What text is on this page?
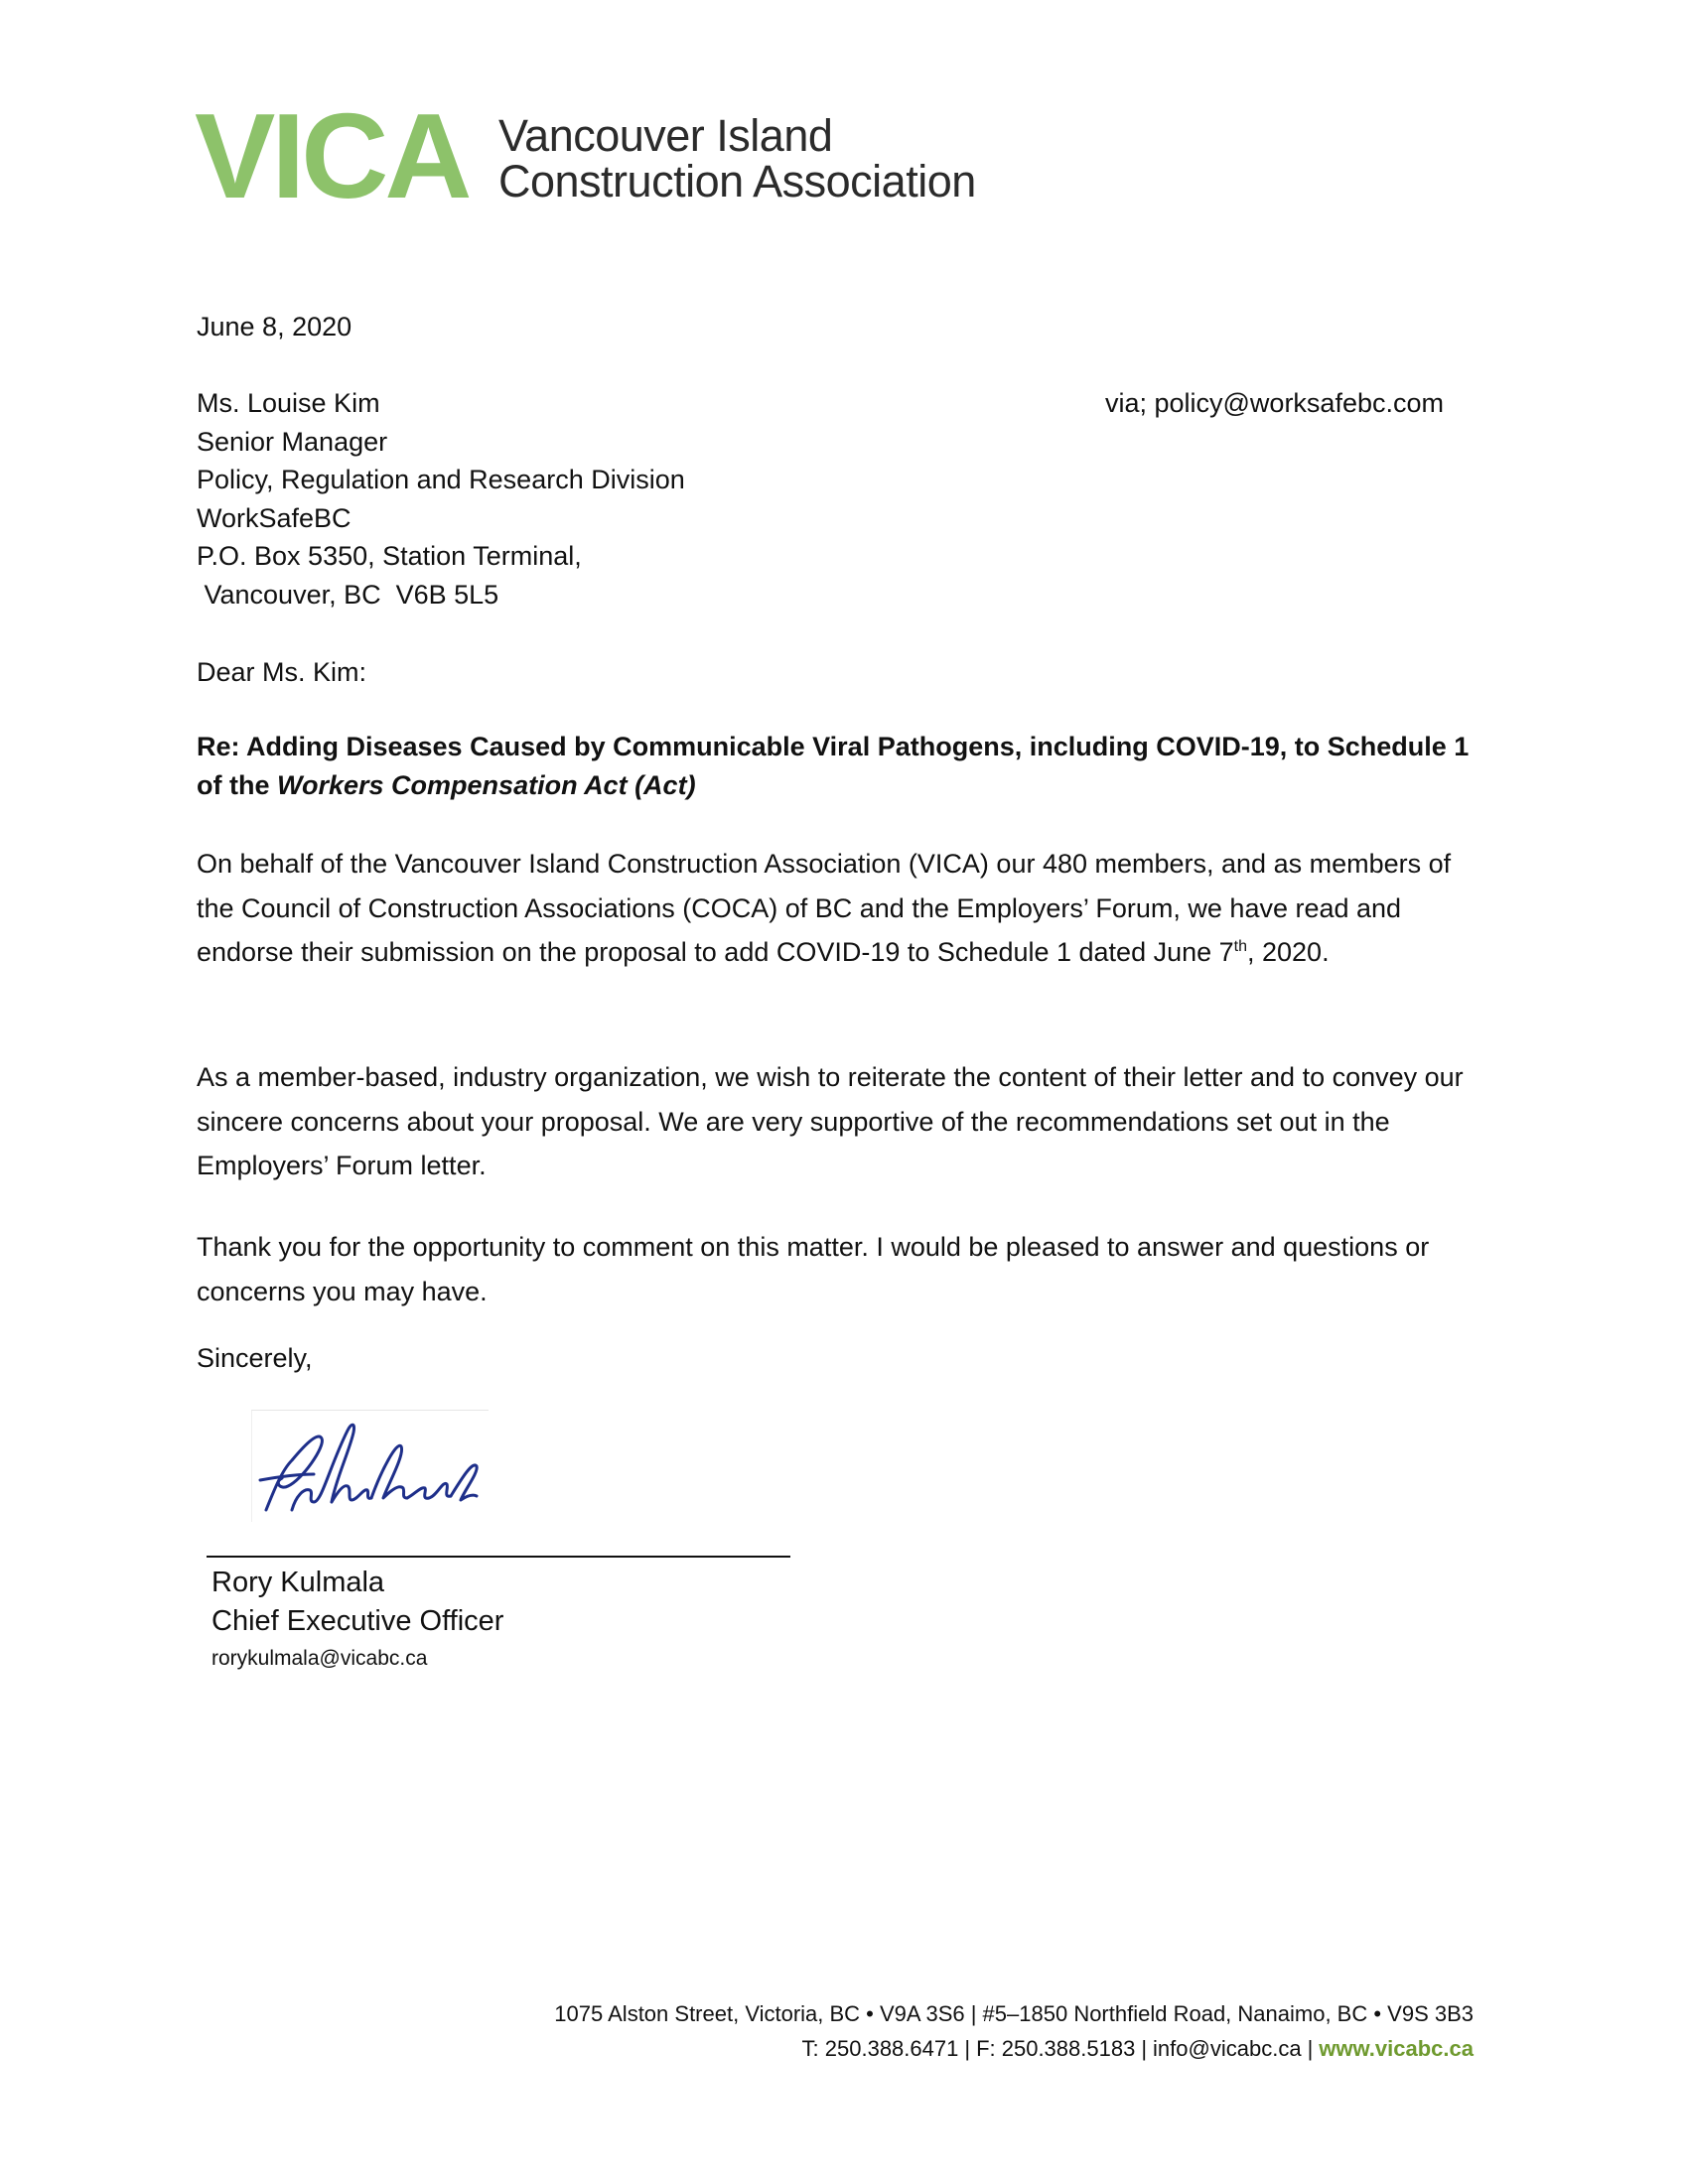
VICA Vancouver Island
Construction Association
June 8, 2020
Ms. Louise Kim
Senior Manager
Policy, Regulation and Research Division
WorkSafeBC
P.O. Box 5350, Station Terminal,
Vancouver, BC  V6B 5L5
via; policy@worksafebc.com
Dear Ms. Kim:
Re: Adding Diseases Caused by Communicable Viral Pathogens, including COVID-19, to Schedule 1 of the Workers Compensation Act (Act)

On behalf of the Vancouver Island Construction Association (VICA) our 480 members, and as members of the Council of Construction Associations (COCA) of BC and the Employers’ Forum, we have read and endorse their submission on the proposal to add COVID-19 to Schedule 1 dated June 7th, 2020.

As a member-based, industry organization, we wish to reiterate the content of their letter and to convey our sincere concerns about your proposal. We are very supportive of the recommendations set out in the Employers’ Forum letter.

Thank you for the opportunity to comment on this matter. I would be pleased to answer and questions or concerns you may have.

Sincerely,
Rory Kulmala
Chief Executive Officer
rorykulmala@vicabc.ca
1075 Alston Street, Victoria, BC • V9A 3S6 | #5–1850 Northfield Road, Nanaimo, BC • V9S 3B3
T: 250.388.6471 | F: 250.388.5183 | info@vicabc.ca | www.vicabc.ca
